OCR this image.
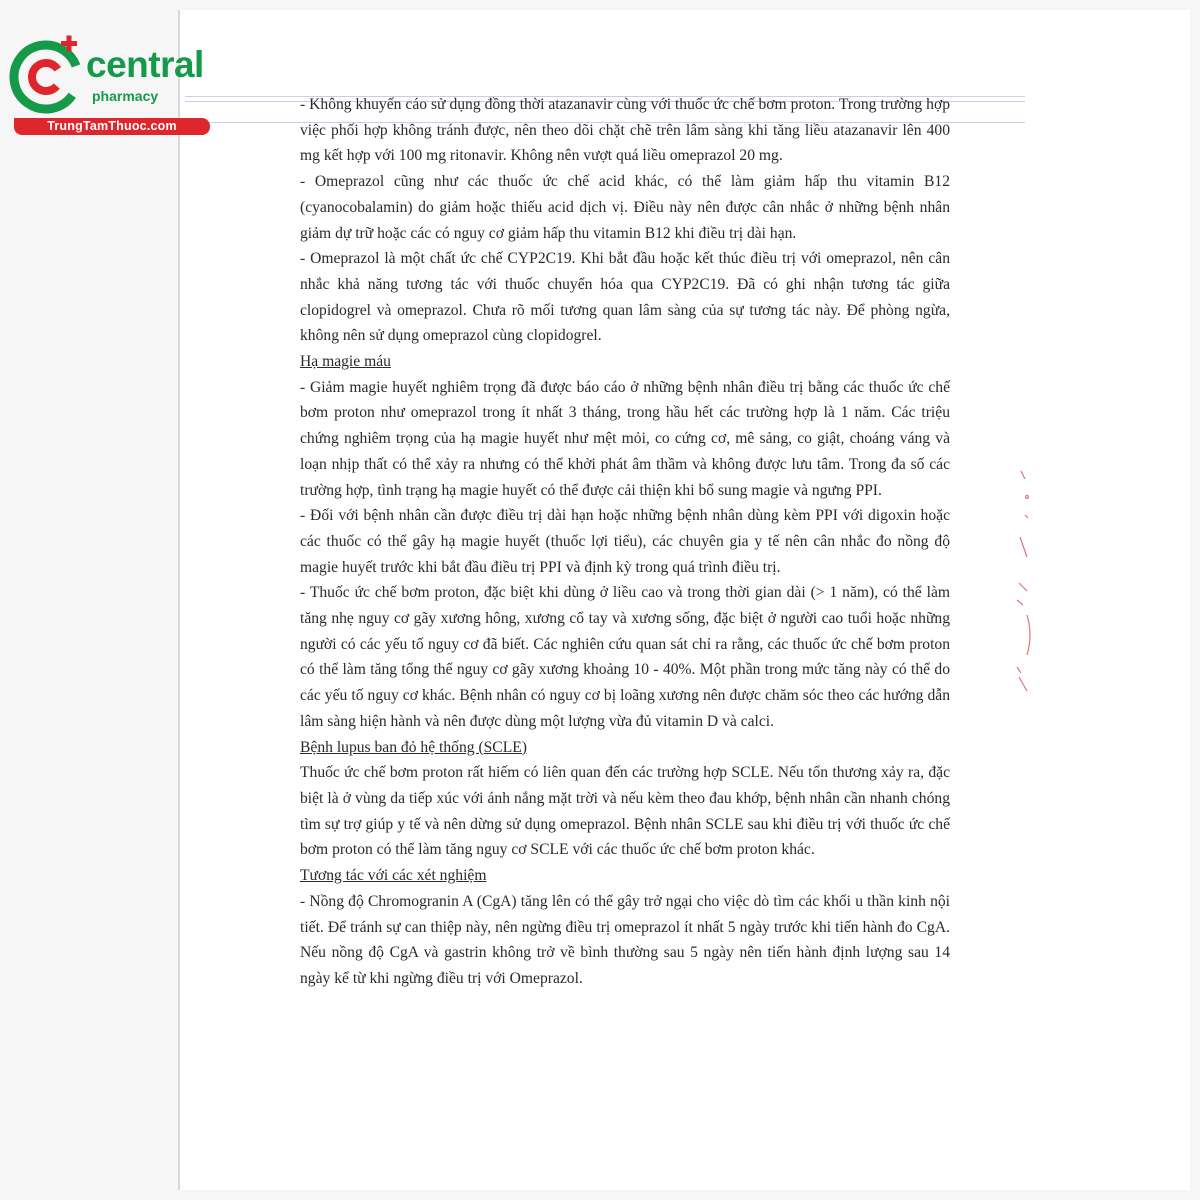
central
pharmacy
TrungTamThuoc.com

- Không khuyến cáo sử dụng đồng thời atazanavir cùng với thuốc ức chế bơm proton. Trong trường hợp việc phối hợp không tránh được, nên theo dõi chặt chẽ trên lâm sàng khi tăng liều atazanavir lên 400 mg kết hợp với 100 mg ritonavir. Không nên vượt quá liều omeprazol 20 mg.

- Omeprazol cũng như các thuốc ức chế acid khác, có thể làm giảm hấp thu vitamin B12 (cyanocobalamin) do giảm hoặc thiếu acid dịch vị. Điều này nên được cân nhắc ở những bệnh nhân giảm dự trữ hoặc các có nguy cơ giảm hấp thu vitamin B12 khi điều trị dài hạn.

- Omeprazol là một chất ức chế CYP2C19. Khi bắt đầu hoặc kết thúc điều trị với omeprazol, nên cân nhắc khả năng tương tác với thuốc chuyển hóa qua CYP2C19. Đã có ghi nhận tương tác giữa clopidogrel và omeprazol. Chưa rõ mối tương quan lâm sàng của sự tương tác này. Để phòng ngừa, không nên sử dụng omeprazol cùng clopidogrel.

Hạ magie máu

- Giảm magie huyết nghiêm trọng đã được báo cáo ở những bệnh nhân điều trị bằng các thuốc ức chế bơm proton như omeprazol trong ít nhất 3 tháng, trong hầu hết các trường hợp là 1 năm. Các triệu chứng nghiêm trọng của hạ magie huyết như mệt mỏi, co cứng cơ, mê sảng, co giật, choáng váng và loạn nhịp thất có thể xảy ra nhưng có thể khởi phát âm thầm và không được lưu tâm. Trong đa số các trường hợp, tình trạng hạ magie huyết có thể được cải thiện khi bổ sung magie và ngưng PPI.

- Đối với bệnh nhân cần được điều trị dài hạn hoặc những bệnh nhân dùng kèm PPI với digoxin hoặc các thuốc có thể gây hạ magie huyết (thuốc lợi tiểu), các chuyên gia y tế nên cân nhắc đo nồng độ magie huyết trước khi bắt đầu điều trị PPI và định kỳ trong quá trình điều trị.

- Thuốc ức chế bơm proton, đặc biệt khi dùng ở liều cao và trong thời gian dài (> 1 năm), có thể làm tăng nhẹ nguy cơ gãy xương hông, xương cổ tay và xương sống, đặc biệt ở người cao tuổi hoặc những người có các yếu tố nguy cơ đã biết. Các nghiên cứu quan sát chỉ ra rằng, các thuốc ức chế bơm proton có thể làm tăng tổng thể nguy cơ gãy xương khoảng 10 - 40%. Một phần trong mức tăng này có thể do các yếu tố nguy cơ khác. Bệnh nhân có nguy cơ bị loãng xương nên được chăm sóc theo các hướng dẫn lâm sàng hiện hành và nên được dùng một lượng vừa đủ vitamin D và calci.

Bệnh lupus ban đỏ hệ thống (SCLE)

Thuốc ức chế bơm proton rất hiếm có liên quan đến các trường hợp SCLE. Nếu tổn thương xảy ra, đặc biệt là ở vùng da tiếp xúc với ánh nắng mặt trời và nếu kèm theo đau khớp, bệnh nhân cần nhanh chóng tìm sự trợ giúp y tế và nên dừng sử dụng omeprazol. Bệnh nhân SCLE sau khi điều trị với thuốc ức chế bơm proton có thể làm tăng nguy cơ SCLE với các thuốc ức chế bơm proton khác.

Tương tác với các xét nghiệm

- Nồng độ Chromogranin A (CgA) tăng lên có thể gây trở ngại cho việc dò tìm các khối u thần kinh nội tiết. Để tránh sự can thiệp này, nên ngừng điều trị omeprazol ít nhất 5 ngày trước khi tiến hành đo CgA. Nếu nồng độ CgA và gastrin không trở về bình thường sau 5 ngày nên tiến hành định lượng sau 14 ngày kể từ khi ngừng điều trị với Omeprazol.
